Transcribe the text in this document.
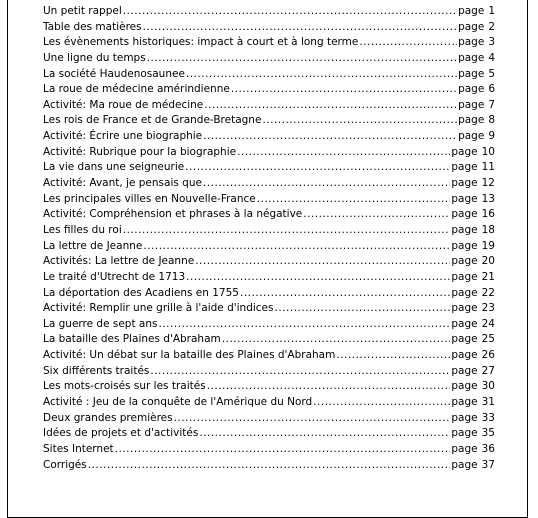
Un petit rappel .....	page 1
Table des matières .....	page 2
Les évènements historiques: impact à court et à long terme .....	page 3
Une ligne du temps .....	page 4
La société Haudenosaunee .....	page 5
La roue de médecine amérindienne .....	page 6
Activité: Ma roue de médecine .....	page 7
Les rois de France et de Grande-Bretagne .....	page 8
Activité: Écrire une biographie .....	page 9
Activité: Rubrique pour la biographie .....	page 10
La vie dans une seigneurie .....	page 11
Activité: Avant, je pensais que .....	page 12
Les principales villes en Nouvelle-France .....	page 13
Activité: Compréhension et phrases à la négative .....	page 16
Les filles du roi .....	page 18
La lettre de Jeanne .....	page 19
Activités: La lettre de Jeanne .....	page 20
Le traité d'Utrecht de 1713 .....	page 21
La déportation des Acadiens en 1755 .....	page 22
Activité: Remplir une grille à l'aide d'indices .....	page 23
La guerre de sept ans .....	page 24
La bataille des Plaines d'Abraham .....	page 25
Activité: Un débat sur la bataille des Plaines d'Abraham .....	page 26
Six différents traités .....	page 27
Les mots-croisés sur les traités .....	page 30
Activité : Jeu de la conquête de l'Amérique du Nord .....	page 31
Deux grandes premières .....	page 33
Idées de projets et d'activités .....	page 35
Sites Internet .....	page 36
Corrigés .....	page 37
